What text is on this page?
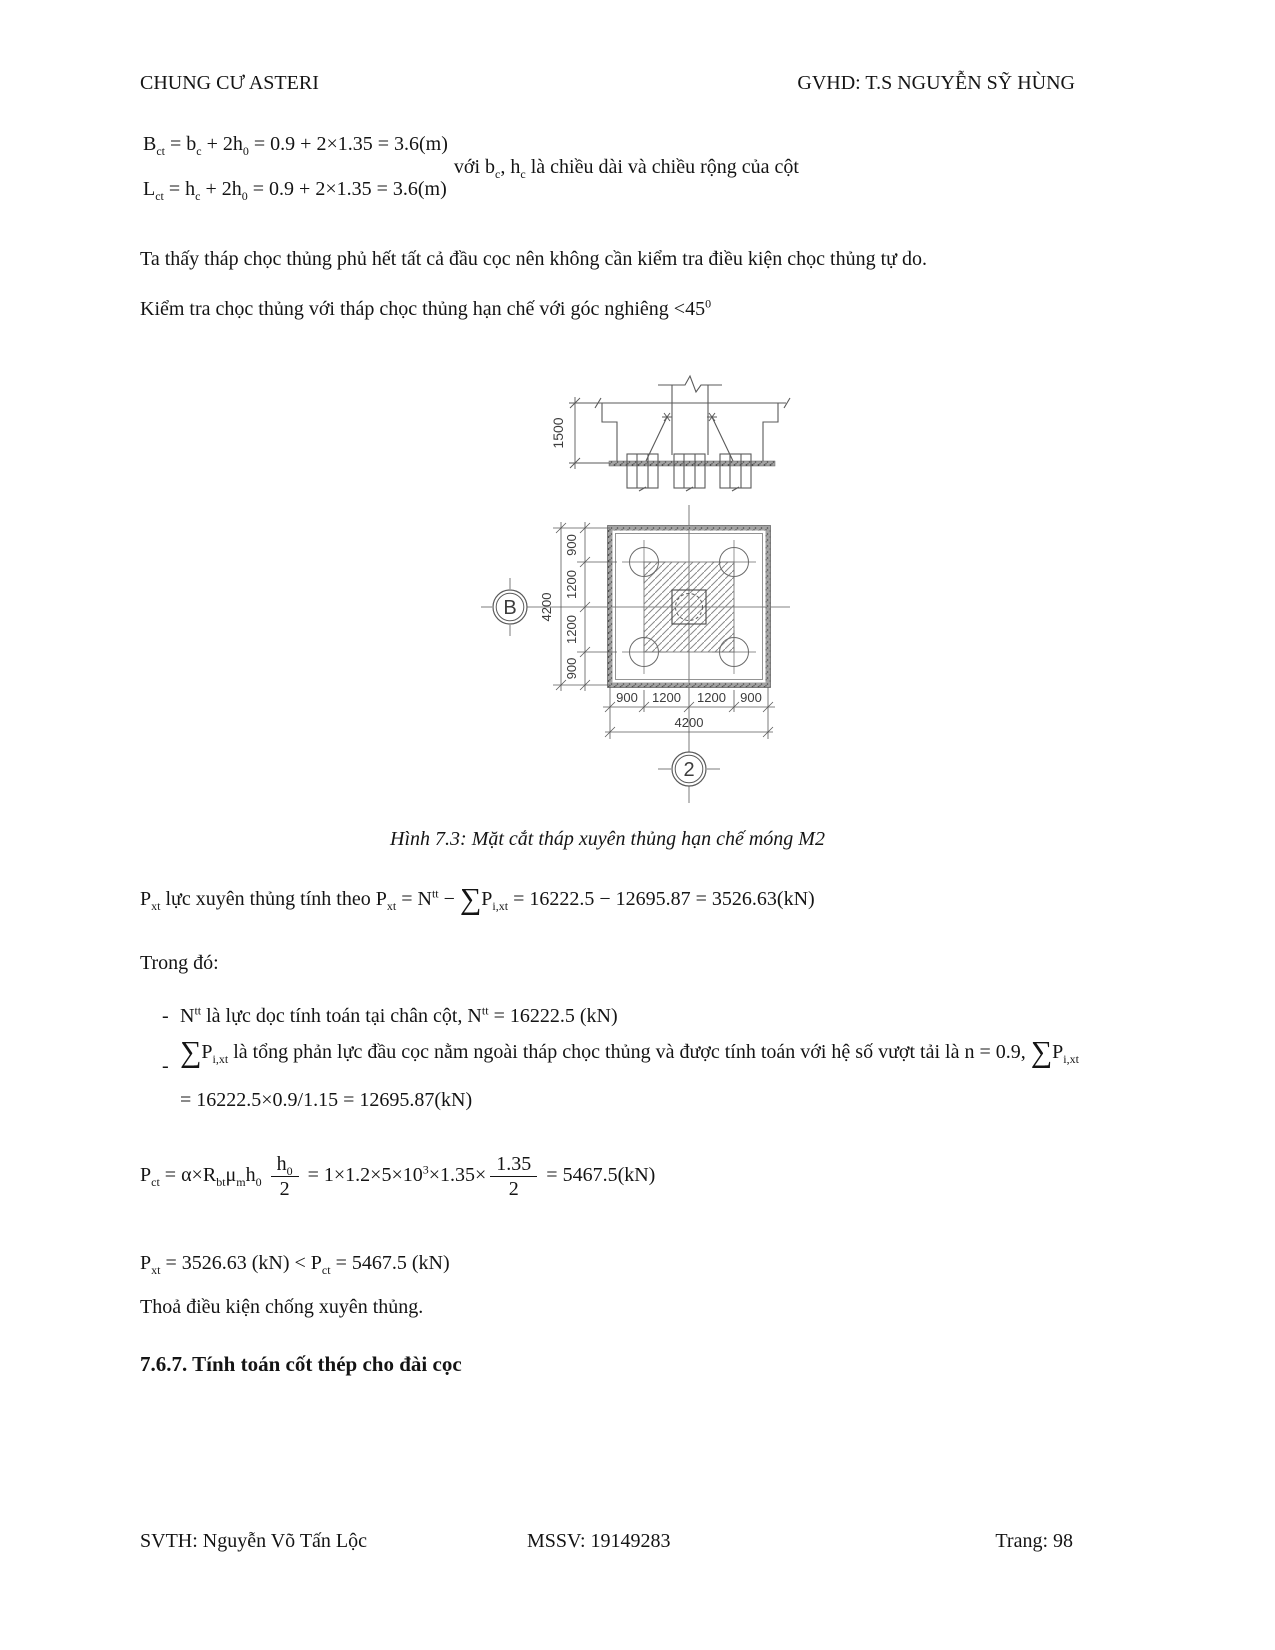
CHUNG CƯ ASTERI	GVHD: T.S NGUYỄN SỸ HÙNG
$B_{ct} = b_c + 2h_0 = 0.9 + 2\times 1.35 = 3.6(m)$
$L_{ct} = h_c + 2h_0 = 0.9 + 2\times 1.35 = 3.6(m)$
với $b_c$, $h_c$ là chiều dài và chiều rộng của cột
Ta thấy tháp chọc thủng phủ hết tất cả đầu cọc nên không cần kiểm tra điều kiện chọc thủng tự do.
Kiểm tra chọc thủng với tháp chọc thủng hạn chế với góc nghiêng $<45^0$
1500
B
900
1200
1200
900
4200
900 1200 1200 900
4200
2
Hình 7.3: Mặt cắt tháp xuyên thủng hạn chế móng M2
$P_{xt}$ lực xuyên thủng tính theo $P_{xt} = N^{tt} - \sum P_{i,xt} = 16222.5 - 12695.87 = 3526.63(kN)$
Trong đó:
- $N^{tt}$ là lực dọc tính toán tại chân cột, $N^{tt} = 16222.5$ (kN)
- $\sum P_{i,xt}$ là tổng phản lực đầu cọc nằm ngoài tháp chọc thủng và được tính toán với hệ số vượt tải là n = 0.9, $\sum P_{i,xt} = 16222.5\times 0.9/1.15 = 12695.87(kN)$
$P_{ct} = \alpha\times R_{bt}\mu_mh_0 \frac{h_0}{2} = 1\times 1.2\times 5\times 10^3\times 1.35\times \frac{1.35}{2} = 5467.5(kN)$
$P_{xt} = 3526.63$ $(kN) < P_{ct} = 5467.5$ (kN)
Thoả điều kiện chống xuyên thủng.
7.6.7. Tính toán cốt thép cho đài cọc
SVTH: Nguyễn Võ Tấn Lộc	MSSV: 19149283	Trang: 98
